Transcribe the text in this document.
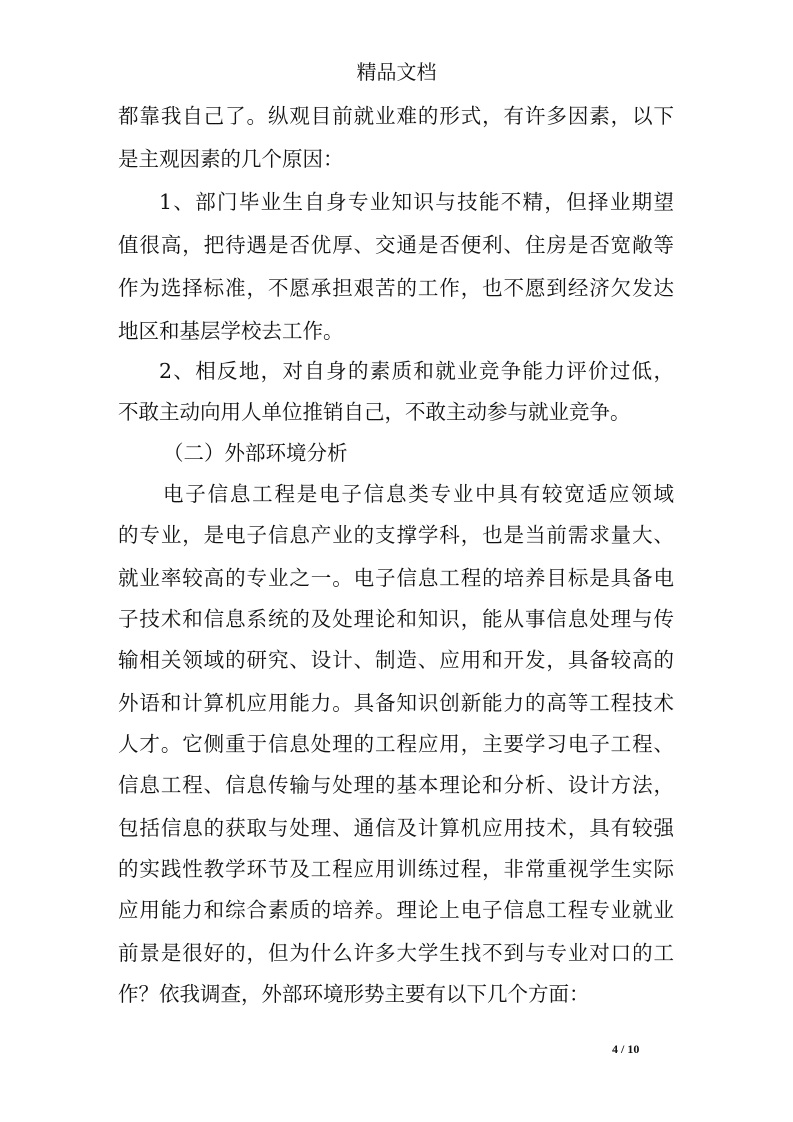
精品文档
都靠我自己了。纵观目前就业难的形式，有许多因素，以下
是主观因素的几个原因：
1、部门毕业生自身专业知识与技能不精，但择业期望
值很高，把待遇是否优厚、交通是否便利、住房是否宽敞等
作为选择标准，不愿承担艰苦的工作，也不愿到经济欠发达
地区和基层学校去工作。
2、相反地，对自身的素质和就业竞争能力评价过低，
不敢主动向用人单位推销自己，不敢主动参与就业竞争。
（二）外部环境分析
电子信息工程是电子信息类专业中具有较宽适应领域
的专业，是电子信息产业的支撑学科，也是当前需求量大、
就业率较高的专业之一。电子信息工程的培养目标是具备电
子技术和信息系统的及处理论和知识，能从事信息处理与传
输相关领域的研究、设计、制造、应用和开发，具备较高的
外语和计算机应用能力。具备知识创新能力的高等工程技术
人才。它侧重于信息处理的工程应用，主要学习电子工程、
信息工程、信息传输与处理的基本理论和分析、设计方法，
包括信息的获取与处理、通信及计算机应用技术，具有较强
的实践性教学环节及工程应用训练过程，非常重视学生实际
应用能力和综合素质的培养。理论上电子信息工程专业就业
前景是很好的，但为什么许多大学生找不到与专业对口的工
作？依我调查，外部环境形势主要有以下几个方面：
4 / 10
